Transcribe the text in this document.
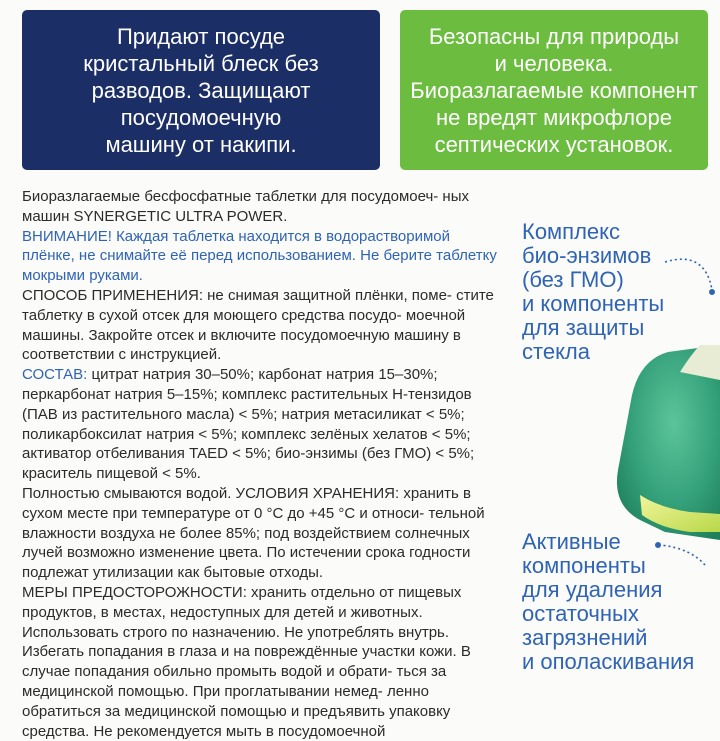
Придают посуде
кристальный блеск без
разводов. Защищают
посудомоечную
машину от накипи.
Безопасны для природы
и человека.
Биоразлагаемые компонент
не вредят микрофлоре
септических установок.

Биоразлагаемые бесфосфатные таблетки для посудомоеч- ных машин SYNERGETIC ULTRA POWER.

ВНИМАНИЕ! Каждая таблетка находится в водорастворимой плёнке, не снимайте её перед использованием. Не берите таблетку мокрыми руками.

СПОСОБ ПРИМЕНЕНИЯ: не снимая защитной плёнки, поме- стите таблетку в сухой отсек для моющего средства посудо- моечной машины. Закройте отсек и включите посудомоечную машину в соответствии с инструкцией.

СОСТАВ: цитрат натрия 30–50%; карбонат натрия 15–30%; перкарбонат натрия 5–15%; комплекс растительных Н-тензидов (ПАВ из растительного масла) < 5%; натрия метасиликат < 5%; поликарбоксилат натрия < 5%; комплекс зелёных хелатов < 5%; активатор отбеливания TAED < 5%; био-энзимы (без ГМО) < 5%; краситель пищевой < 5%.

Полностью смываются водой. УСЛОВИЯ ХРАНЕНИЯ: хранить в сухом месте при температуре от 0 °С до +45 °С и относи- тельной влажности воздуха не более 85%; под воздействием солнечных лучей возможно изменение цвета. По истечении срока годности подлежат утилизации как бытовые отходы.

МЕРЫ ПРЕДОСТОРОЖНОСТИ: хранить отдельно от пищевых продуктов, в местах, недоступных для детей и животных. Использовать строго по назначению. Не употреблять внутрь. Избегать попадания в глаза и на повреждённые участки кожи. В случае попадания обильно промыть водой и обрати- ться за медицинской помощью. При проглатывании немед- ленно обратиться за медицинской помощью и предъявить упаковку средства. Не рекомендуется мыть в посудомоечной

Комплекс
био-энзимов
(без ГМО)
и компоненты
для защиты
стекла
Активные
компоненты
для удаления
остаточных
загрязнений
и ополаскивания
